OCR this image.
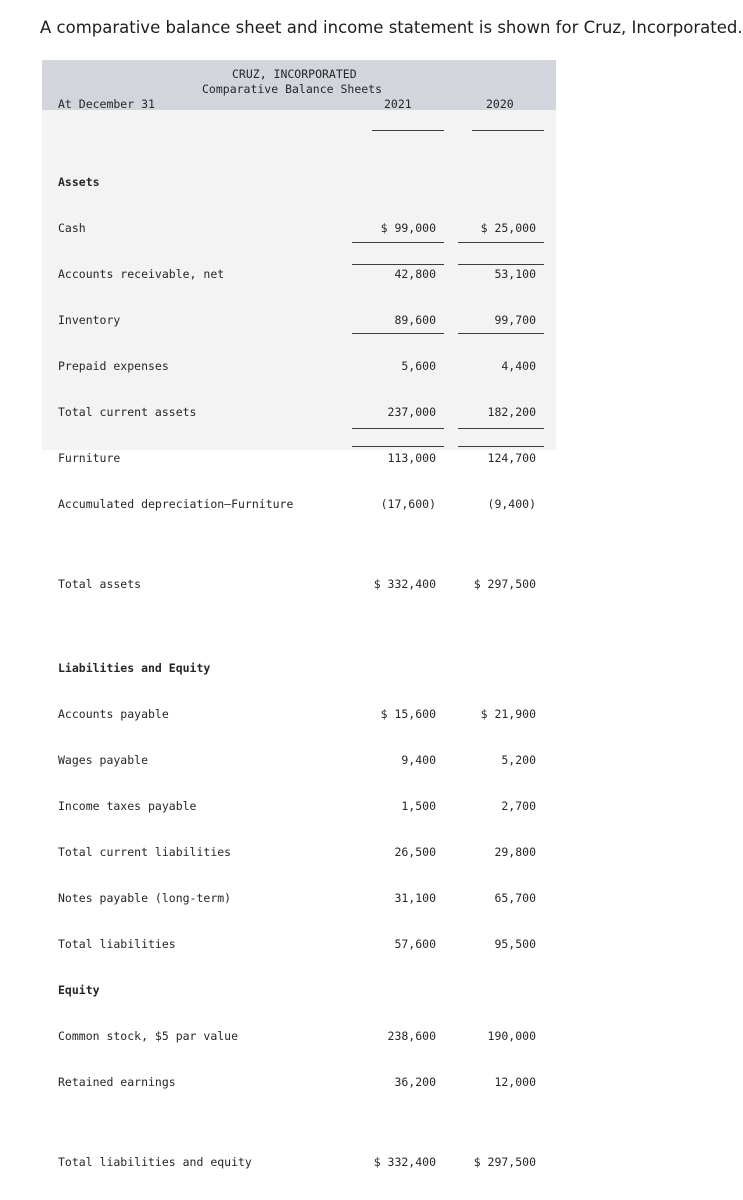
A comparative balance sheet and income statement is shown for Cruz, Incorporated.
CRUZ, INCORPORATED
Comparative Balance Sheets
At December 31	2021	2020

Assets

Cash

Accounts receivable, net

Inventory

Prepaid expenses

Total current assets

Furniture

Accumulated depreciation–Furniture

Total assets

Liabilities and Equity

Accounts payable

Wages payable

Income taxes payable

Total current liabilities

Notes payable (long-term)

Total liabilities

Equity

Common stock, $5 par value

Retained earnings

Total liabilities and equity

$ 99,000

42,800

89,600

5,600

237,000

113,000

(17,600)

$ 332,400

$ 15,600

9,400

1,500

26,500

31,100

57,600

238,600

36,200

$ 332,400

$ 25,000

53,100

99,700

4,400

182,200

124,700

(9,400)

$ 297,500

$ 21,900

5,200

2,700

29,800

65,700

95,500

190,000

12,000

$ 297,500
